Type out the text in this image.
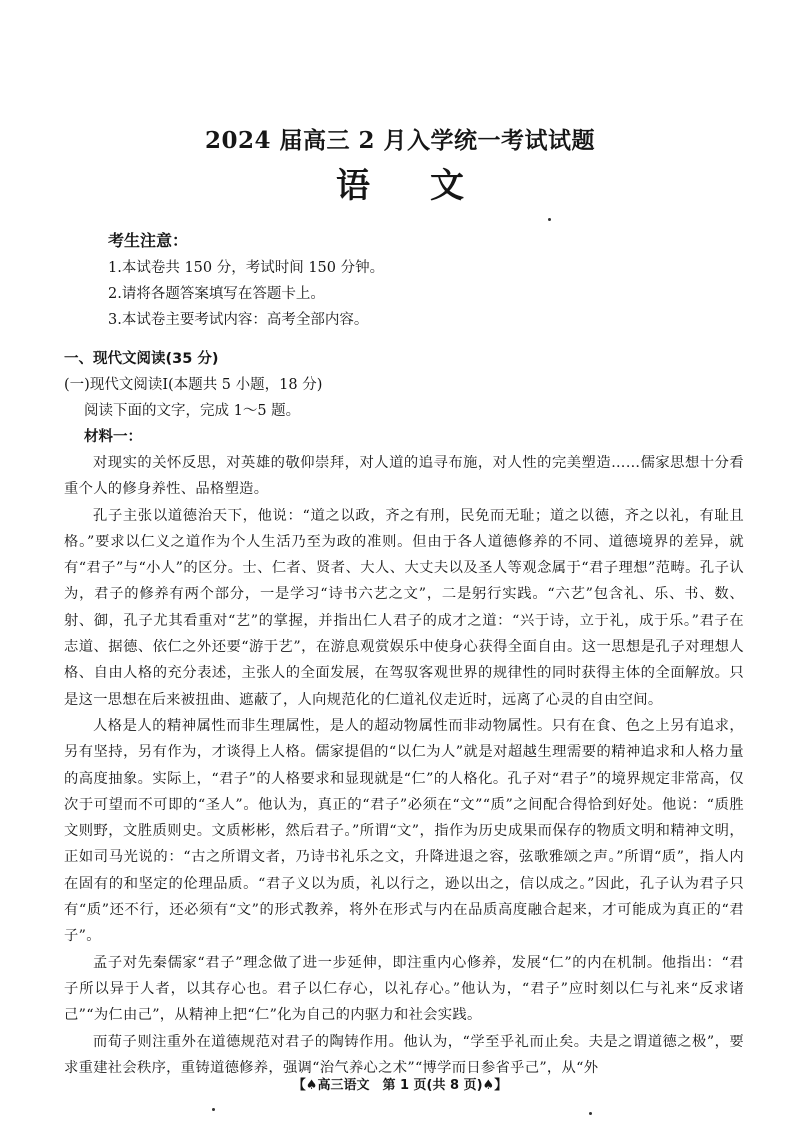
2024 届高三 2 月入学统一考试试题
语文
考生注意：
1.本试卷共 150 分，考试时间 150 分钟。
2.请将各题答案填写在答题卡上。
3.本试卷主要考试内容：高考全部内容。
一、现代文阅读(35 分)
(一)现代文阅读Ⅰ(本题共 5 小题，18 分)
阅读下面的文字，完成 1～5 题。
材料一：

对现实的关怀反思，对英雄的敬仰崇拜，对人道的追寻布施，对人性的完美塑造……儒家思想十分看重个人的修身养性、品格塑造。

孔子主张以道德治天下，他说：“道之以政，齐之有刑，民免而无耻；道之以德，齐之以礼，有耻且格。”要求以仁义之道作为个人生活乃至为政的准则。但由于各人道德修养的不同、道德境界的差异，就有“君子”与“小人”的区分。士、仁者、贤者、大人、大丈夫以及圣人等观念属于“君子理想”范畴。孔子认为，君子的修养有两个部分，一是学习“诗书六艺之文”，二是躬行实践。“六艺”包含礼、乐、书、数、射、御，孔子尤其看重对“艺”的掌握，并指出仁人君子的成才之道：“兴于诗，立于礼，成于乐。”君子在志道、据德、依仁之外还要“游于艺”，在游息观赏娱乐中使身心获得全面自由。这一思想是孔子对理想人格、自由人格的充分表述，主张人的全面发展，在驾驭客观世界的规律性的同时获得主体的全面解放。只是这一思想在后来被扭曲、遮蔽了，人向规范化的仁道礼仪走近时，远离了心灵的自由空间。

人格是人的精神属性而非生理属性，是人的超动物属性而非动物属性。只有在食、色之上另有追求，另有坚持，另有作为，才谈得上人格。儒家提倡的“以仁为人”就是对超越生理需要的精神追求和人格力量的高度抽象。实际上，“君子”的人格要求和显现就是“仁”的人格化。孔子对“君子”的境界规定非常高，仅次于可望而不可即的“圣人”。他认为，真正的“君子”必须在“文”“质”之间配合得恰到好处。他说：“质胜文则野，文胜质则史。文质彬彬，然后君子。”所谓“文”，指作为历史成果而保存的物质文明和精神文明，正如司马光说的：“古之所谓文者，乃诗书礼乐之文，升降进退之容，弦歌雅颂之声。”所谓“质”，指人内在固有的和坚定的伦理品质。“君子义以为质，礼以行之，逊以出之，信以成之。”因此，孔子认为君子只有“质”还不行，还必须有“文”的形式教养，将外在形式与内在品质高度融合起来，才可能成为真正的“君子”。

孟子对先秦儒家“君子”理念做了进一步延伸，即注重内心修养，发展“仁”的内在机制。他指出：“君子所以异于人者，以其存心也。君子以仁存心，以礼存心。”他认为，“君子”应时刻以仁与礼来“反求诸己”“为仁由己”，从精神上把“仁”化为自己的内驱力和社会实践。

而荀子则注重外在道德规范对君子的陶铸作用。他认为，“学至乎礼而止矣。夫是之谓道德之极”，要求重建社会秩序，重铸道德修养，强调“治气养心之术”“博学而日参省乎己”，从“外

【♠高三语文　第 1 页(共 8 页)♠】
